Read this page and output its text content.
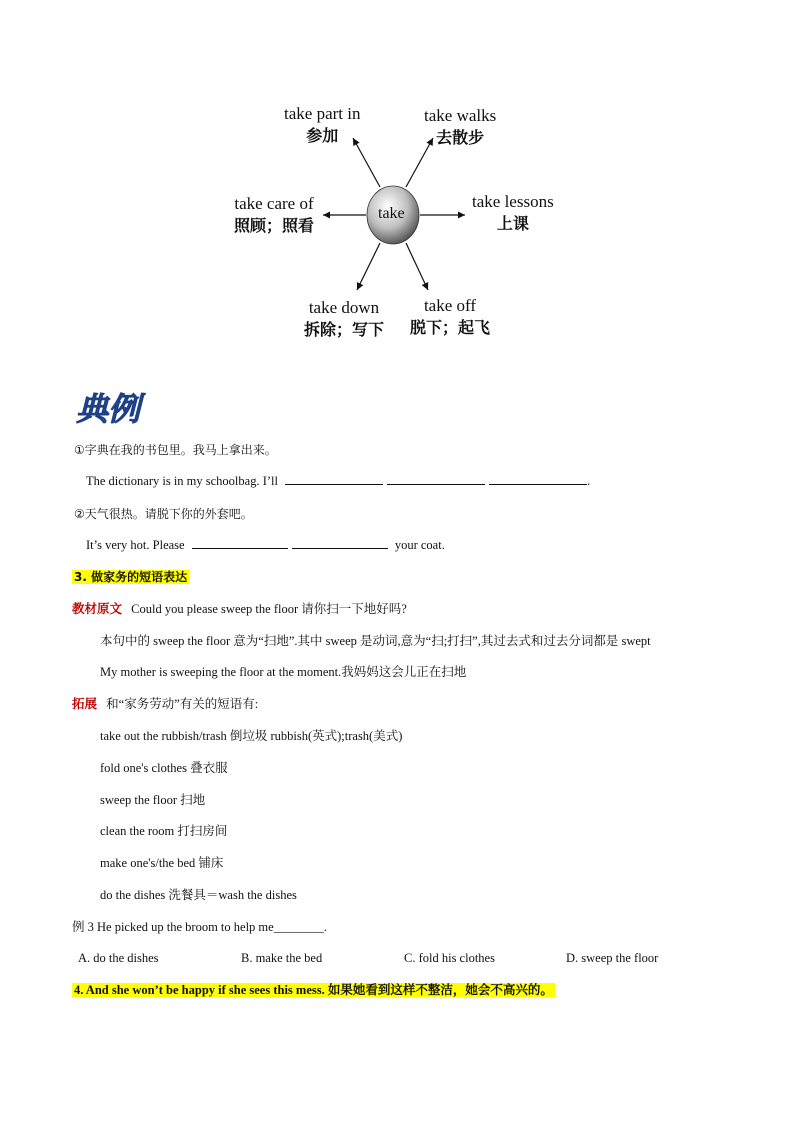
take
take part in
参加
take walks
去散步
take care of
照顾；照看
take lessons
上课
take down
拆除；写下
take off
脱下；起飞
典例
①字典在我的书包里。我马上拿出来。
The dictionary is in my schoolbag. I’ll	.
②天气很热。请脱下你的外套吧。
It’s very hot. Please	your coat.
3. 做家务的短语表达
教材原文 Could you please sweep the floor 请你扫一下地好吗?
本句中的 sweep the floor 意为“扫地”.其中 sweep 是动词,意为“扫;打扫”,其过去式和过去分词都是 swept
My mother is sweeping the floor at the moment.我妈妈这会儿正在扫地
拓展 和“家务劳动”有关的短语有:
take out the rubbish/trash 倒垃圾 rubbish(英式);trash(美式)
fold one's clothes 叠衣服
sweep the floor 扫地
clean the room 打扫房间
make one's/the bed 铺床
do the dishes 洗餐具＝wash the dishes
例 3 He picked up the broom to help me________.
A. do the dishes	B. make the bed	C. fold his clothes	D. sweep the floor
4. And she won’t be happy if she sees this mess. 如果她看到这样不整洁，她会不高兴的。
